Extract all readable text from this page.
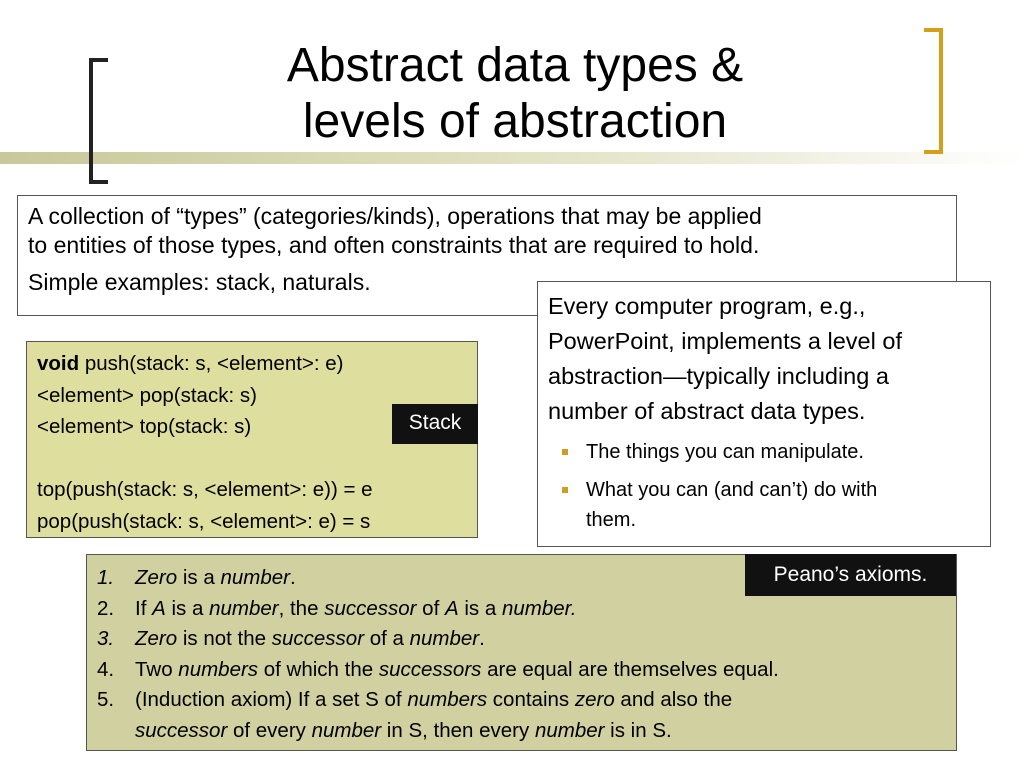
Abstract data types &
levels of abstraction

A collection of “types” (categories/kinds), operations that may be applied

to entities of those types, and often constraints that are required to hold.

Simple examples: stack, naturals.

void push(stack: s, <element>: e)
<element> pop(stack: s)
<element> top(stack: s)
top(push(stack: s, <element>: e)) = e
pop(push(stack: s, <element>: e) = s
Stack
Every computer program, e.g.,
PowerPoint, implements a level of
abstraction—typically including a
number of abstract data types.
The things you can manipulate.
What you can (and can’t) do with
them.
1. Zero is a number.
2. If A is a number, the successor of A is a number.
3. Zero is not the successor of a number.
4. Two numbers of which the successors are equal are themselves equal.
5. (Induction axiom) If a set S of numbers contains zero and also the
successor of every number in S, then every number is in S.
Peano’s axioms.
